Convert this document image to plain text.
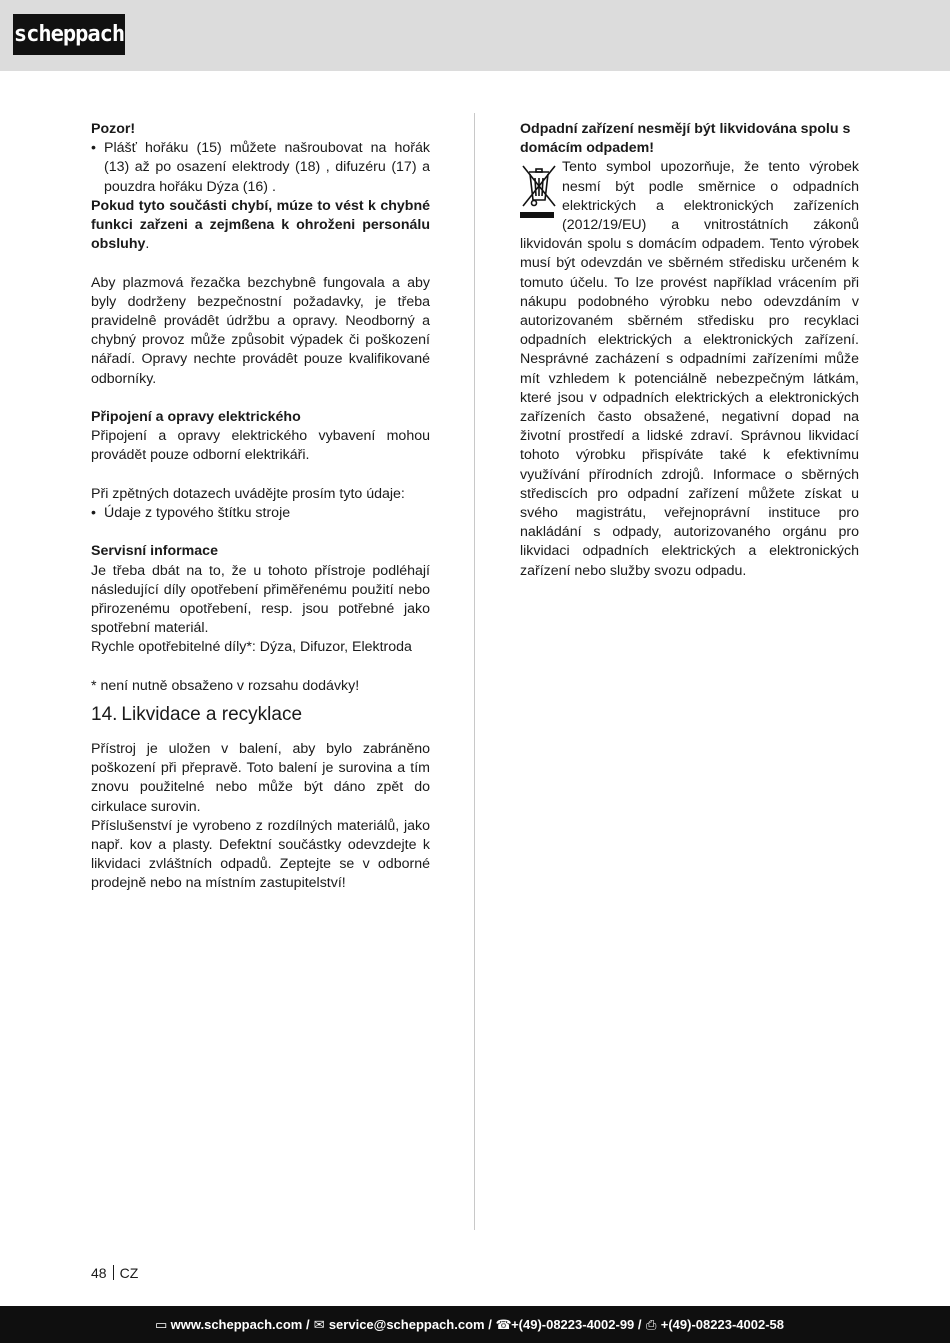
scheppach

Pozor!

• Plášť hořáku (15) můžete našroubovat na hořák (13) až po osazení elektrody (18) , difuzéru (17) a pouzdra hořáku Dýza (16) .

Pokud tyto součásti chybí, múze to vést k chybné funkci zařzeni a zejmßena k ohroženi personálu obsluhy.

Aby plazmová řezačka bezchybnê fungovala a aby byly dodrženy bezpečnostní požadavky, je třeba pravidelnê provádêt údržbu a opravy. Neodborný a chybný provoz může způsobit výpadek či poškození nářadí. Opravy nechte provádêt pouze kvalifikované odborníky.

Připojení a opravy elektrického

Připojení a opravy elektrického vybavení mohou provádět pouze odborní elektrikáři.

Při zpětných dotazech uvádějte prosím tyto údaje:

• Údaje z typového štítku stroje

Servisní informace

Je třeba dbát na to, že u tohoto přístroje podléhají následující díly opotřebení přiměřenému použití nebo přirozenému opotřebení, resp. jsou potřebné jako spotřební materiál.

Rychle opotřebitelné díly*: Dýza, Difuzor, Elektroda

* není nutně obsaženo v rozsahu dodávky!

14. Likvidace a recyklace

Přístroj je uložen v balení, aby bylo zabráněno poškození při přepravě. Toto balení je surovina a tím znovu použitelné nebo může být dáno zpět do cirkulace surovin.

Příslušenství je vyrobeno z rozdílných materiálů, jako např. kov a plasty. Defektní součástky odevzdejte k likvidaci zvláštních odpadů. Zeptejte se v odborné prodejně nebo na místním zastupitelství!

Odpadní zařízení nesmějí být likvidována spolu s domácím odpadem!

Tento symbol upozorňuje, že tento výrobek nesmí být podle směrnice o odpadních elektrických a elektronických zařízeních (2012/19/EU) a vnitrostátních zákonů likvidován spolu s domácím odpadem. Tento výrobek musí být odevzdán ve sběrném středisku určeném k tomuto účelu. To lze provést například vrácením při nákupu podobného výrobku nebo odevzdáním v autorizovaném sběrném středisku pro recyklaci odpadních elektrických a elektronických zařízení. Nesprávné zacházení s odpadními zařízeními může mít vzhledem k potenciálně nebezpečným látkám, které jsou v odpadních elektrických a elektronických zařízeních často obsažené, negativní dopad na životní prostředí a lidské zdraví. Správnou likvidací tohoto výrobku přispíváte také k efektivnímu využívání přírodních zdrojů. Informace o sběrných střediscích pro odpadní zařízení můžete získat u svého magistrátu, veřejnoprávní instituce pro nakládání s odpady, autorizovaného orgánu pro likvidaci odpadních elektrických a elektronických zařízení nebo služby svozu odpadu.

48 CZ
▭ www.scheppach.com / ✉ service@scheppach.com / ☎ +(49)-08223-4002-99 / ⎙ +(49)-08223-4002-58
